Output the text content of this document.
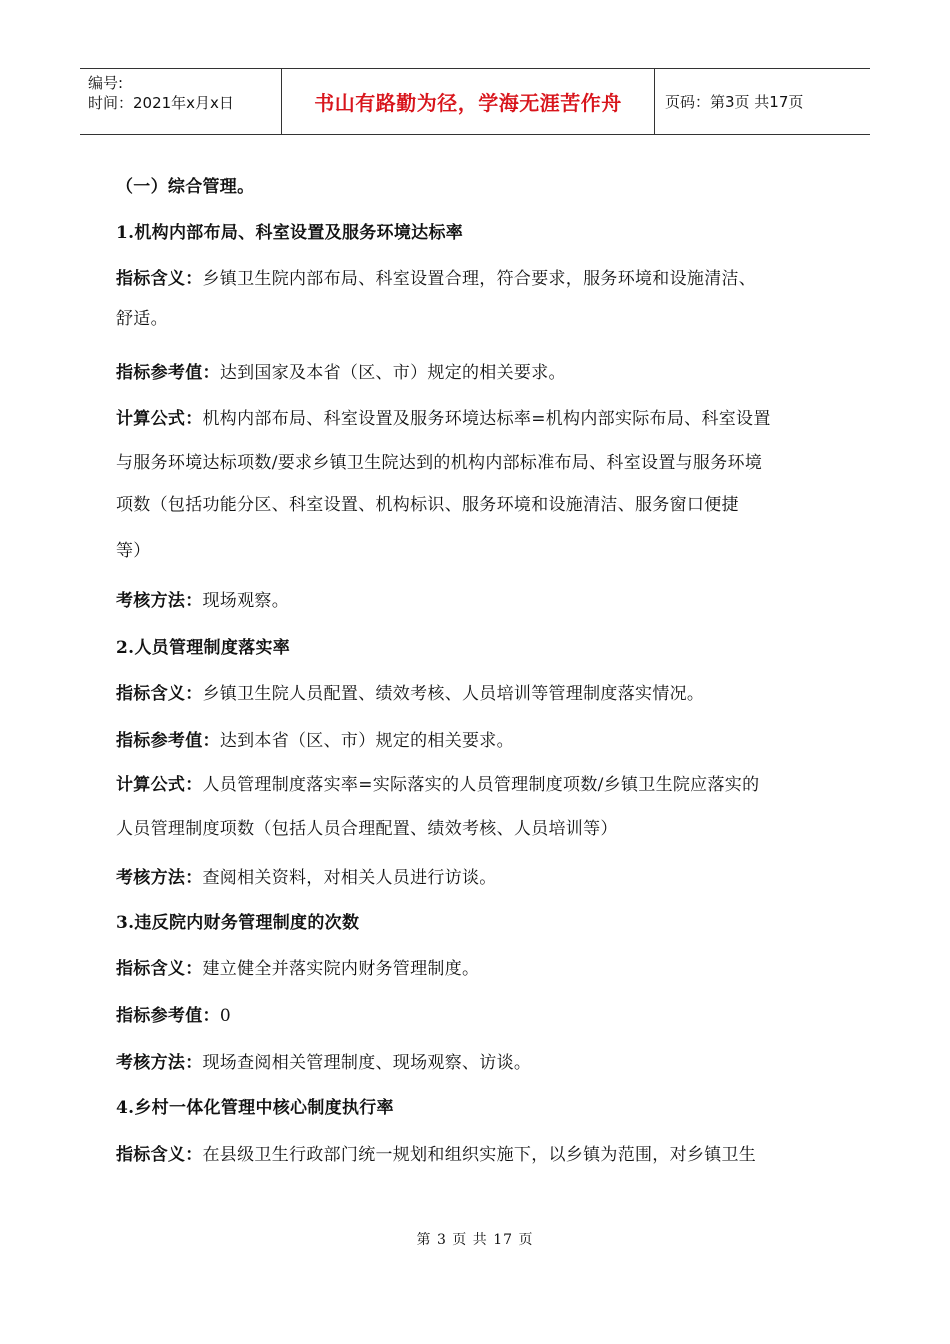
编号:
时间：2021年x月x日	书山有路勤为径，学海无涯苦作舟	页码：第3页 共17页
（一）综合管理。
1.机构内部布局、科室设置及服务环境达标率
指标含义：乡镇卫生院内部布局、科室设置合理，符合要求，服务环境和设施清洁、
舒适。
指标参考值：达到国家及本省（区、市）规定的相关要求。
计算公式：机构内部布局、科室设置及服务环境达标率=机构内部实际布局、科室设置
与服务环境达标项数/要求乡镇卫生院达到的机构内部标准布局、科室设置与服务环境
项数（包括功能分区、科室设置、机构标识、服务环境和设施清洁、服务窗口便捷
等）
考核方法：现场观察。
2.人员管理制度落实率
指标含义：乡镇卫生院人员配置、绩效考核、人员培训等管理制度落实情况。
指标参考值：达到本省（区、市）规定的相关要求。
计算公式：人员管理制度落实率=实际落实的人员管理制度项数/乡镇卫生院应落实的
人员管理制度项数（包括人员合理配置、绩效考核、人员培训等）
考核方法：查阅相关资料，对相关人员进行访谈。
3.违反院内财务管理制度的次数
指标含义：建立健全并落实院内财务管理制度。
指标参考值：0
考核方法：现场查阅相关管理制度、现场观察、访谈。
4.乡村一体化管理中核心制度执行率
指标含义：在县级卫生行政部门统一规划和组织实施下，以乡镇为范围，对乡镇卫生
第 3 页 共 17 页
